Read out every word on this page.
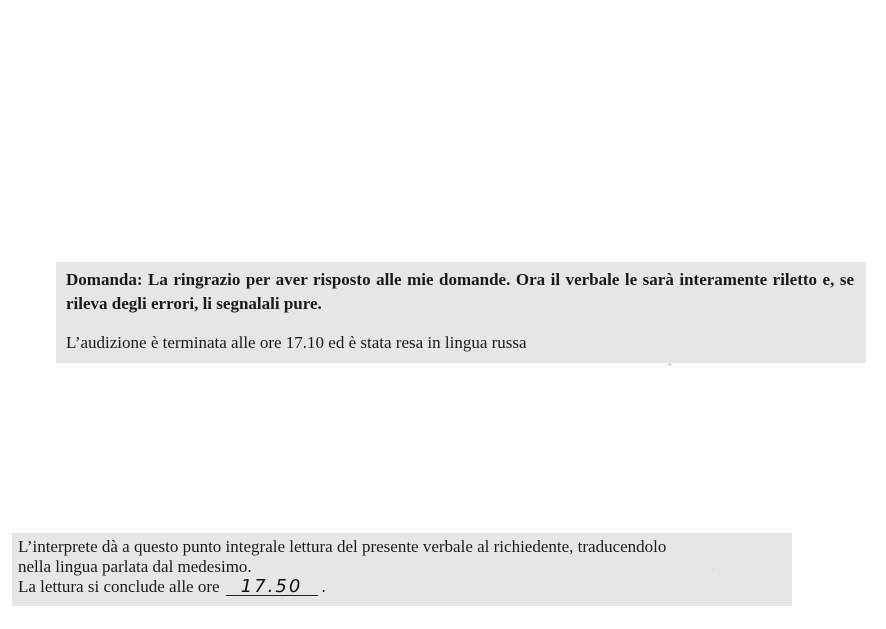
Domanda: La ringrazio per aver risposto alle mie domande. Ora il verbale le sarà interamente riletto e, se rileva degli errori, li segnalali pure.
L’audizione è terminata alle ore 17.10 ed è stata resa in lingua russa
ˏ
′
L’interprete dà a questo punto integrale lettura del presente verbale al richiedente, traducendolo
nella lingua parlata dal medesimo.
La lettura si conclude alle ore 17.50 .
